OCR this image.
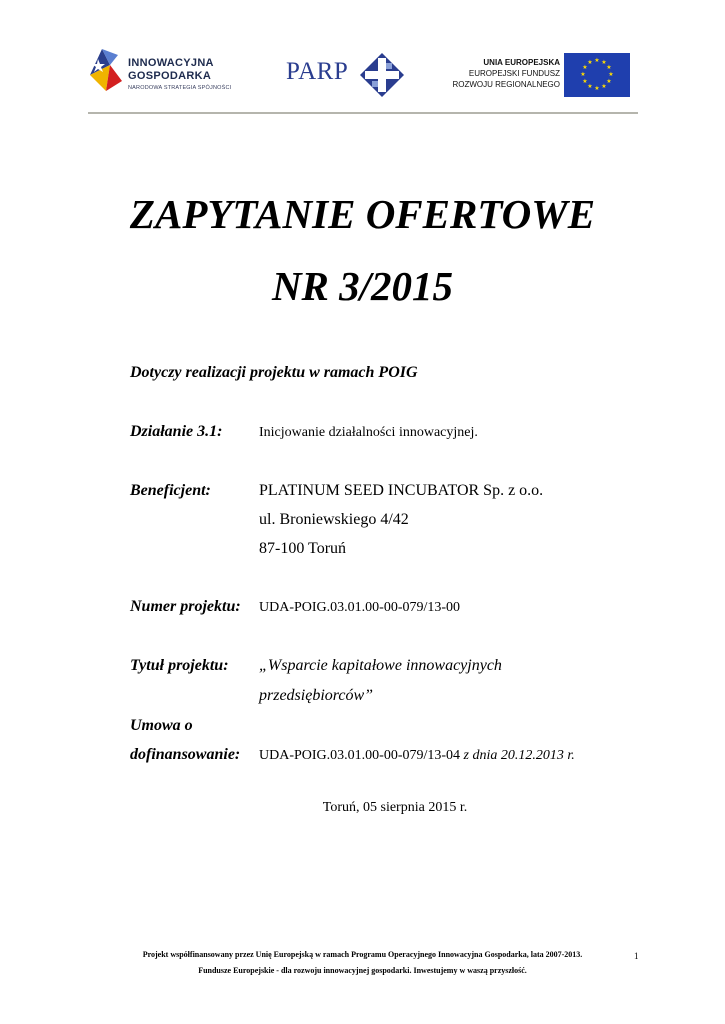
INNOWACYJNA
GOSPODARKA
NARODOWA STRATEGIA SPÓJNOŚCI
PARP	UNIA EUROPEJSKA
EUROPEJSKI FUNDUSZ
ROZWOJU REGIONALNEGO
★ ★
★
★
★
★
★
★
★
★
★
★
ZAPYTANIE OFERTOWE
NR 3/2015
Dotyczy realizacji projektu w ramach POIG
Działanie 3.1:	Inicjowanie działalności innowacyjnej.
Beneficjent:	PLATINUM SEED INCUBATOR Sp. z o.o.
ul. Broniewskiego 4/42
87-100 Toruń
Numer projektu: UDA-POIG.03.01.00-00-079/13-00
Tytuł projektu: „Wsparcie kapitałowe innowacyjnych
przedsiębiorców”
Umowa o
dofinansowanie: UDA-POIG.03.01.00-00-079/13-04 z dnia 20.12.2013 r.
Toruń, 05 sierpnia 2015 r.
Projekt współfinansowany przez Unię Europejską w ramach Programu Operacyjnego Innowacyjna Gospodarka, lata 2007-2013.	1
Fundusze Europejskie - dla rozwoju innowacyjnej gospodarki. Inwestujemy w waszą przyszłość.
